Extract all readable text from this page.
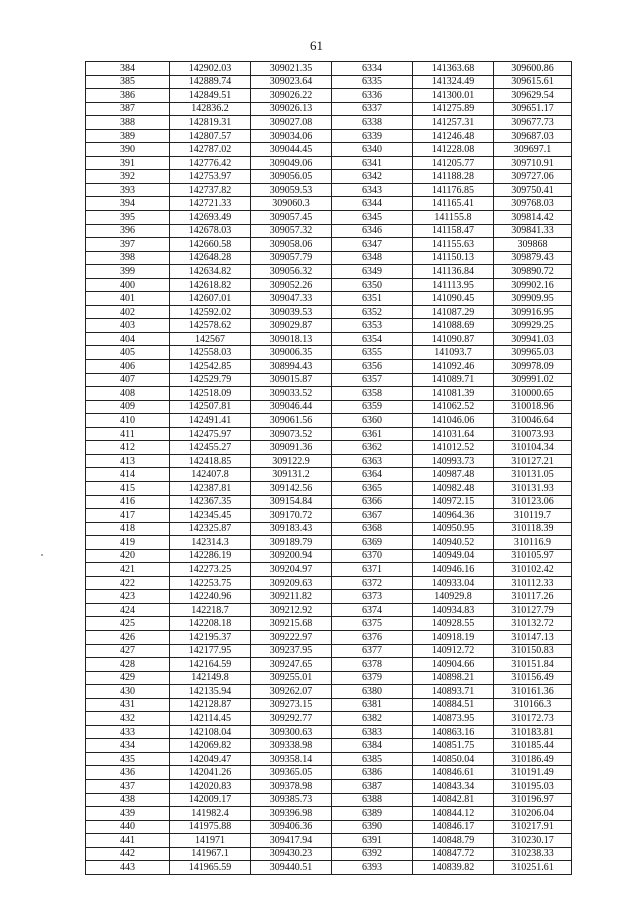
61
384	142902.03	309021.35	6334	141363.68	309600.86
385	142889.74	309023.64	6335	141324.49	309615.61
386	142849.51	309026.22	6336	141300.01	309629.54
387	142836.2	309026.13	6337	141275.89	309651.17
388	142819.31	309027.08	6338	141257.31	309677.73
389	142807.57	309034.06	6339	141246.48	309687.03
390	142787.02	309044.45	6340	141228.08	309697.1
391	142776.42	309049.06	6341	141205.77	309710.91
392	142753.97	309056.05	6342	141188.28	309727.06
393	142737.82	309059.53	6343	141176.85	309750.41
394	142721.33	309060.3	6344	141165.41	309768.03
395	142693.49	309057.45	6345	141155.8	309814.42
396	142678.03	309057.32	6346	141158.47	309841.33
397	142660.58	309058.06	6347	141155.63	309868
398	142648.28	309057.79	6348	141150.13	309879.43
399	142634.82	309056.32	6349	141136.84	309890.72
400	142618.82	309052.26	6350	141113.95	309902.16
401	142607.01	309047.33	6351	141090.45	309909.95
402	142592.02	309039.53	6352	141087.29	309916.95
403	142578.62	309029.87	6353	141088.69	309929.25
404	142567	309018.13	6354	141090.87	309941.03
405	142558.03	309006.35	6355	141093.7	309965.03
406	142542.85	308994.43	6356	141092.46	309978.09
407	142529.79	309015.87	6357	141089.71	309991.02
408	142518.09	309033.52	6358	141081.39	310000.65
409	142507.81	309046.44	6359	141062.52	310018.96
410	142491.41	309061.56	6360	141046.06	310046.64
411	142475.97	309073.52	6361	141031.64	310073.93
412	142455.27	309091.36	6362	141012.52	310104.34
413	142418.85	309122.9	6363	140993.73	310127.21
414	142407.8	309131.2	6364	140987.48	310131.05
415	142387.81	309142.56	6365	140982.48	310131.93
416	142367.35	309154.84	6366	140972.15	310123.06
417	142345.45	309170.72	6367	140964.36	310119.7
418	142325.87	309183.43	6368	140950.95	310118.39
419	142314.3	309189.79	6369	140940.52	310116.9
420	142286.19	309200.94	6370	140949.04	310105.97
421	142273.25	309204.97	6371	140946.16	310102.42
422	142253.75	309209.63	6372	140933.04	310112.33
423	142240.96	309211.82	6373	140929.8	310117.26
424	142218.7	309212.92	6374	140934.83	310127.79
425	142208.18	309215.68	6375	140928.55	310132.72
426	142195.37	309222.97	6376	140918.19	310147.13
427	142177.95	309237.95	6377	140912.72	310150.83
428	142164.59	309247.65	6378	140904.66	310151.84
429	142149.8	309255.01	6379	140898.21	310156.49
430	142135.94	309262.07	6380	140893.71	310161.36
431	142128.87	309273.15	6381	140884.51	310166.3
432	142114.45	309292.77	6382	140873.95	310172.73
433	142108.04	309300.63	6383	140863.16	310183.81
434	142069.82	309338.98	6384	140851.75	310185.44
435	142049.47	309358.14	6385	140850.04	310186.49
436	142041.26	309365.05	6386	140846.61	310191.49
437	142020.83	309378.98	6387	140843.34	310195.03
438	142009.17	309385.73	6388	140842.81	310196.97
439	141982.4	309396.98	6389	140844.12	310206.04
440	141975.88	309406.36	6390	140846.17	310217.91
441	141971	309417.94	6391	140848.79	310230.17
442	141967.1	309430.23	6392	140847.72	310238.33
443	141965.59	309440.51	6393	140839.82	310251.61
